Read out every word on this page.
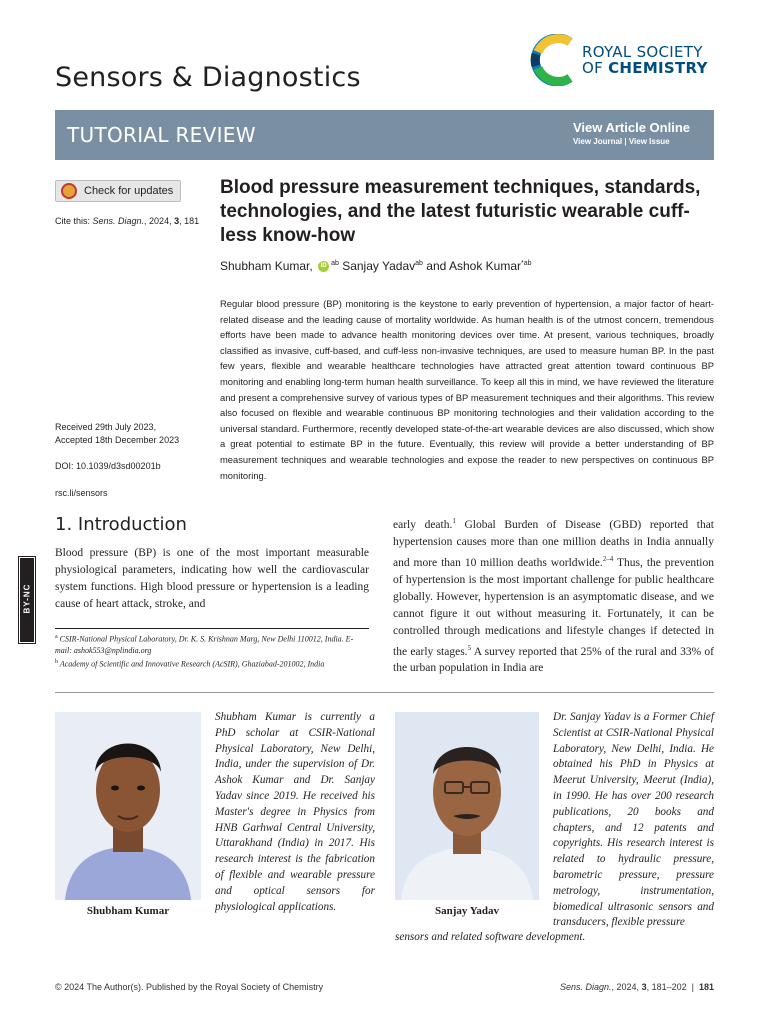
Sensors & Diagnostics
ROYAL SOCIETY
OF CHEMISTRY
TUTORIAL REVIEW	View Article Online
View Journal | View Issue
Check for updates
Cite this: Sens. Diagn., 2024, 3, 181
Blood pressure measurement techniques, standards, technologies, and the latest futuristic wearable cuff-less know-how
Shubham Kumar, iD $^{ab}$ Sanjay Yadav$^{ab}$ and Ashok Kumar$^{*ab}$
Regular blood pressure (BP) monitoring is the keystone to early prevention of hypertension, a major factor of heart-related disease and the leading cause of mortality worldwide. As human health is of the utmost concern, tremendous efforts have been made to advance health monitoring devices over time. At present, various techniques, broadly classified as invasive, cuff-based, and cuff-less non-invasive techniques, are used to measure human BP. In the past few years, flexible and wearable healthcare technologies have attracted great attention toward continuous BP monitoring and enabling long-term human health surveillance. To keep all this in mind, we have reviewed the literature and present a comprehensive survey of various types of BP measurement techniques and their algorithms. This review also focused on flexible and wearable continuous BP monitoring technologies and their validation according to the universal standard. Furthermore, recently developed state-of-the-art wearable devices are also discussed, which show a great potential to estimate BP in the future. Eventually, this review will provide a better understanding of BP measurement techniques and wearable technologies and expose the reader to new perspectives on continuous BP monitoring.
Received 29th July 2023,
Accepted 18th December 2023
DOI: 10.1039/d3sd00201b
rsc.li/sensors
BY-NC
1. Introduction
Blood pressure (BP) is one of the most important measurable physiological parameters, indicating how well the cardiovascular system functions. High blood pressure or hypertension is a leading cause of heart attack, stroke, and
early death.$^1$ Global Burden of Disease (GBD) reported that hypertension causes more than one million deaths in India annually and more than 10 million deaths worldwide.$^{2-4}$ Thus, the prevention of hypertension is the most important challenge for public healthcare globally. However, hypertension is an asymptomatic disease, and we cannot figure it out without measuring it. Fortunately, it can be controlled through medications and lifestyle changes if detected in the early stages.$^5$ A survey reported that 25% of the rural and 33% of the urban population in India are
$^a$ CSIR-National Physical Laboratory, Dr. K. S. Krishnan Marg, New Delhi 110012, India. E-mail: ashok553@nplindia.org
$^b$ Academy of Scientific and Innovative Research (AcSIR), Ghaziabad-201002, India
Shubham Kumar
Shubham Kumar is currently a PhD scholar at CSIR-National Physical Laboratory, New Delhi, India, under the supervision of Dr. Ashok Kumar and Dr. Sanjay Yadav since 2019. He received his Master's degree in Physics from HNB Garhwal Central University, Uttarakhand (India) in 2017. His research interest is the fabrication of flexible and wearable pressure and optical sensors for physiological applications.	Sanjay Yadav
Dr. Sanjay Yadav is a Former Chief Scientist at CSIR-National Physical Laboratory, New Delhi, India. He obtained his PhD in Physics at Meerut University, Meerut (India), in 1990. He has over 200 research publications, 20 books and chapters, and 12 patents and copyrights. His research interest is related to hydraulic pressure, barometric pressure, pressure metrology, instrumentation, biomedical ultrasonic sensors and transducers, flexible pressure
sensors and related software development.
© 2024 The Author(s). Published by the Royal Society of Chemistry	Sens. Diagn., 2024, 3, 181–202  |  181
